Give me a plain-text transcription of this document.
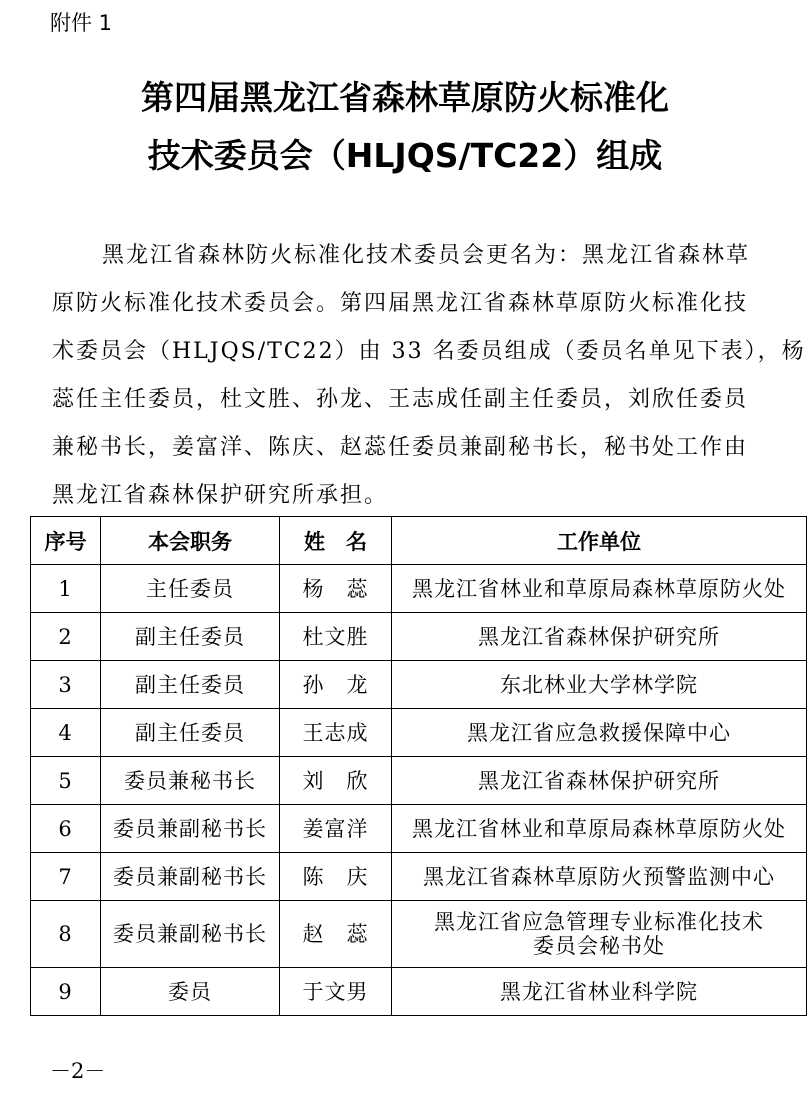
附件 1
第四届黑龙江省森林草原防火标准化
技术委员会（HLJQS/TC22）组成
黑龙江省森林防火标准化技术委员会更名为：黑龙江省森林草
原防火标准化技术委员会。第四届黑龙江省森林草原防火标准化技
术委员会（HLJQS/TC22）由 33 名委员组成（委员名单见下表），杨
蕊任主任委员，杜文胜、孙龙、王志成任副主任委员，刘欣任委员
兼秘书长，姜富洋、陈庆、赵蕊任委员兼副秘书长，秘书处工作由
黑龙江省森林保护研究所承担。
序号	本会职务	姓　名	工作单位
1	主任委员	杨　蕊	黑龙江省林业和草原局森林草原防火处
2	副主任委员	杜文胜	黑龙江省森林保护研究所
3	副主任委员	孙　龙	东北林业大学林学院
4	副主任委员	王志成	黑龙江省应急救援保障中心
5	委员兼秘书长	刘　欣	黑龙江省森林保护研究所
6	委员兼副秘书长	姜富洋	黑龙江省林业和草原局森林草原防火处
7	委员兼副秘书长	陈　庆	黑龙江省森林草原防火预警监测中心
8	委员兼副秘书长	赵　蕊	黑龙江省应急管理专业标准化技术
委员会秘书处

9	委员	于文男	黑龙江省林业科学院
－2－
